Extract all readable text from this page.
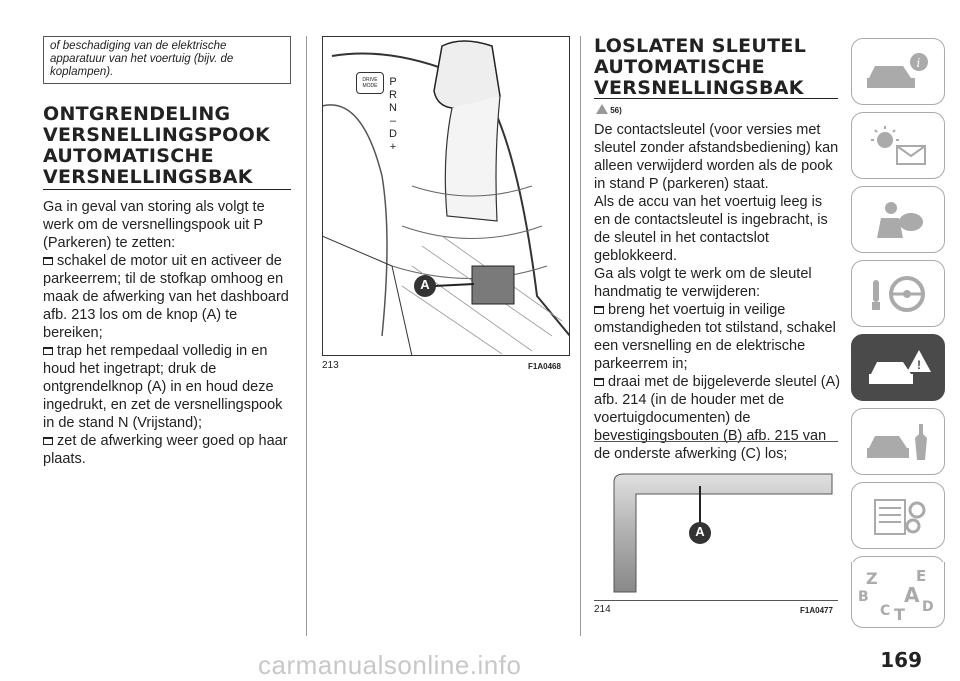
of beschadiging van de elektrische apparatuur van het voertuig (bijv. de koplampen).
ONTGRENDELING VERSNELLINGSPOOK AUTOMATISCHE VERSNELLINGSBAK

Ga in geval van storing als volgt te werk om de versnellingspook uit P (Parkeren) te zetten:

schakel de motor uit en activeer de parkeerrem; til de stofkap omhoog en maak de afwerking van het dashboard afb. 213 los om de knop (A) te bereiken;

trap het rempedaal volledig in en houd het ingetrapt; druk de ontgrendelknop (A) in en houd deze ingedrukt, en zet de versnellingspook in de stand N (Vrijstand);

zet de afwerking weer goed op haar plaats.

DRIVE MODE	P
R
N
–
D
+
A
213	F1A0468
LOSLATEN SLEUTEL AUTOMATISCHE VERSNELLINGSBAK
56)

De contactsleutel (voor versies met sleutel zonder afstandsbediening) kan alleen verwijderd worden als de pook in stand P (parkeren) staat.

Als de accu van het voertuig leeg is en de contactsleutel is ingebracht, is de sleutel in het contactslot geblokkeerd.

Ga als volgt te werk om de sleutel handmatig te verwijderen:

breng het voertuig in veilige omstandigheden tot stilstand, schakel een versnelling en de elektrische parkeerrem in;

draai met de bijgeleverde sleutel (A) afb. 214 (in de houder met de voertuigdocumenten) de bevestigingsbouten (B) afb. 215 van de onderste afwerking (C) los;

A
214	F1A0477
i
!
Z	E
A
B
C T D
carmanualsonline.info	169
